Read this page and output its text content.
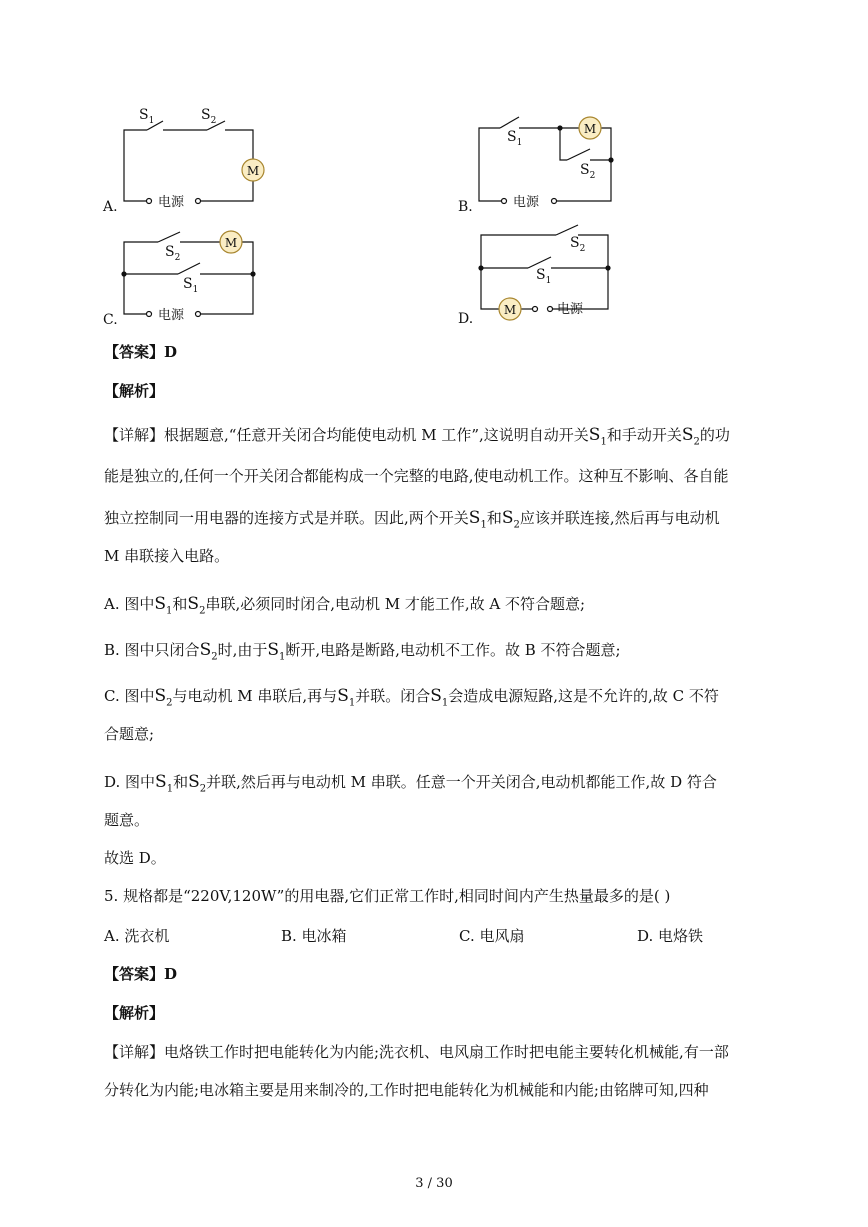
A.
$S_1$	$S_2$
M
电源	B.
$S_1$
$S_2$
M
电源
C.
$S_2$
$S_1$
M
电源	D.
$S_2$
$S_1$
M	电源
【答案】D
【解析】
【详解】根据题意,“任意开关闭合均能使电动机 M 工作”,这说明自动开关$S_1$和手动开关$S_2$的功
能是独立的,任何一个开关闭合都能构成一个完整的电路,使电动机工作。这种互不影响、各自能
独立控制同一用电器的连接方式是并联。因此,两个开关$S_1$和$S_2$应该并联连接,然后再与电动机
M 串联接入电路。
A. 图中$S_1$和$S_2$串联,必须同时闭合,电动机 M 才能工作,故 A 不符合题意;
B. 图中只闭合$S_2$时,由于$S_1$断开,电路是断路,电动机不工作。故 B 不符合题意;
C. 图中$S_2$与电动机 M 串联后,再与$S_1$并联。闭合$S_1$会造成电源短路,这是不允许的,故 C 不符
合题意;
D. 图中$S_1$和$S_2$并联,然后再与电动机 M 串联。任意一个开关闭合,电动机都能工作,故 D 符合
题意。
故选 D。
5. 规格都是“220V,120W”的用电器,它们正常工作时,相同时间内产生热量最多的是( )
A. 洗衣机	B. 电冰箱	C. 电风扇	D. 电烙铁
【答案】D
【解析】
【详解】电烙铁工作时把电能转化为内能;洗衣机、电风扇工作时把电能主要转化机械能,有一部
分转化为内能;电冰箱主要是用来制冷的,工作时把电能转化为机械能和内能;由铭牌可知,四种
3 / 30
